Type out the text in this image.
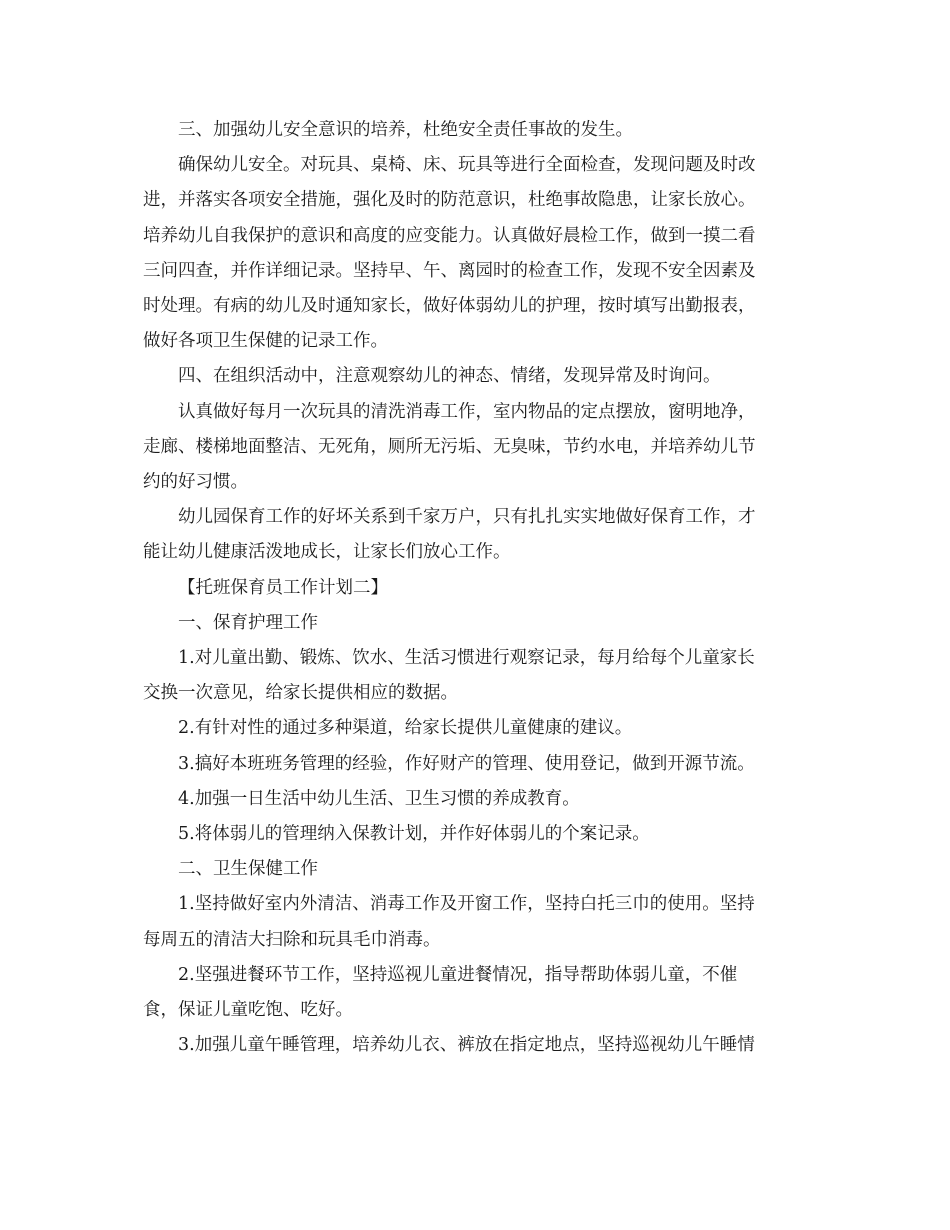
三、加强幼儿安全意识的培养，杜绝安全责任事故的发生。
确保幼儿安全。对玩具、桌椅、床、玩具等进行全面检查，发现问题及时改
进，并落实各项安全措施，强化及时的防范意识，杜绝事故隐患，让家长放心。
培养幼儿自我保护的意识和高度的应变能力。认真做好晨检工作，做到一摸二看
三问四查，并作详细记录。坚持早、午、离园时的检查工作，发现不安全因素及
时处理。有病的幼儿及时通知家长，做好体弱幼儿的护理，按时填写出勤报表，
做好各项卫生保健的记录工作。
四、在组织活动中，注意观察幼儿的神态、情绪，发现异常及时询问。
认真做好每月一次玩具的清洗消毒工作，室内物品的定点摆放，窗明地净，
走廊、楼梯地面整洁、无死角，厕所无污垢、无臭味，节约水电，并培养幼儿节
约的好习惯。
幼儿园保育工作的好坏关系到千家万户，只有扎扎实实地做好保育工作，才
能让幼儿健康活泼地成长，让家长们放心工作。
【托班保育员工作计划二】
一、保育护理工作
1.对儿童出勤、锻炼、饮水、生活习惯进行观察记录，每月给每个儿童家长
交换一次意见，给家长提供相应的数据。
2.有针对性的通过多种渠道，给家长提供儿童健康的建议。
3.搞好本班班务管理的经验，作好财产的管理、使用登记，做到开源节流。
4.加强一日生活中幼儿生活、卫生习惯的养成教育。
5.将体弱儿的管理纳入保教计划，并作好体弱儿的个案记录。
二、卫生保健工作
1.坚持做好室内外清洁、消毒工作及开窗工作，坚持白托三巾的使用。坚持
每周五的清洁大扫除和玩具毛巾消毒。
2.坚强进餐环节工作，坚持巡视儿童进餐情况，指导帮助体弱儿童，不催
食，保证儿童吃饱、吃好。
3.加强儿童午睡管理，培养幼儿衣、裤放在指定地点，坚持巡视幼儿午睡情
